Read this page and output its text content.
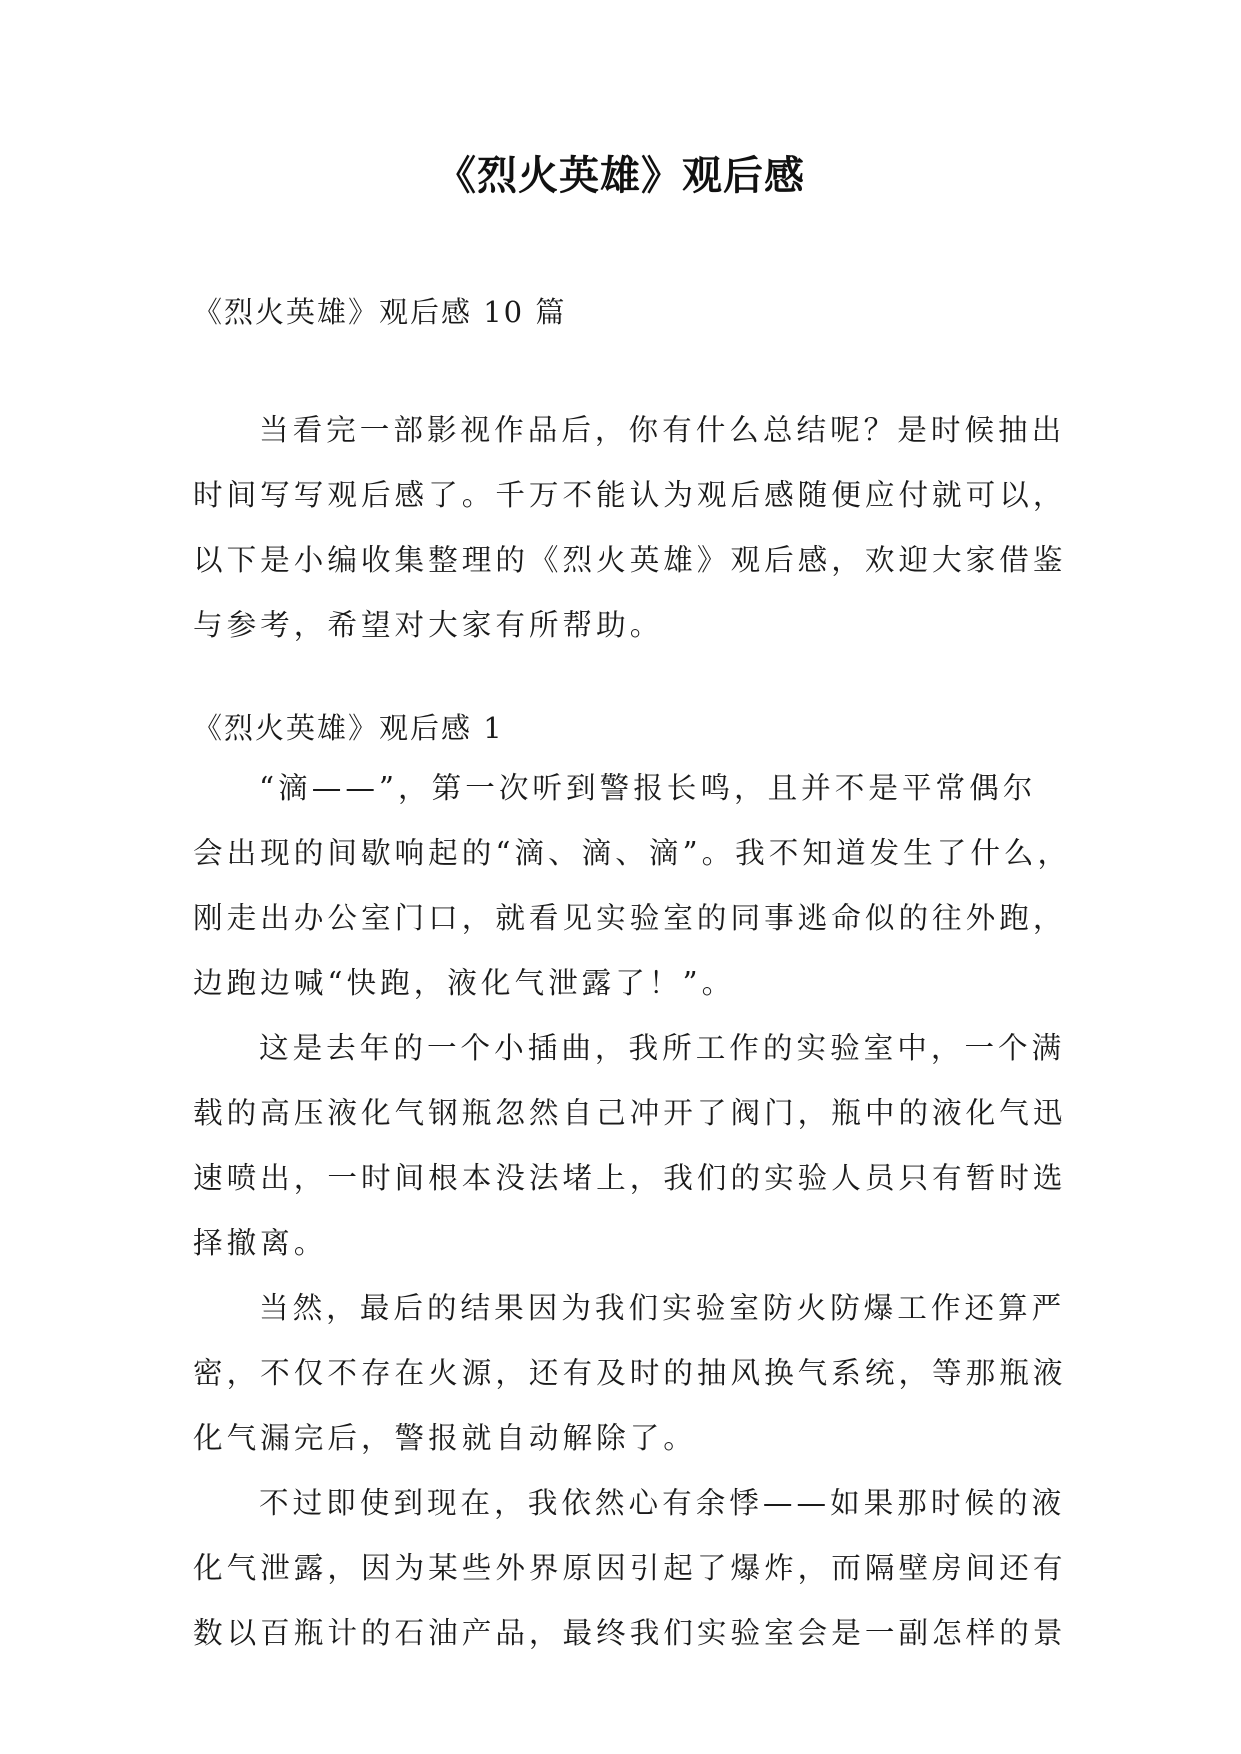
《烈火英雄》观后感
《烈火英雄》观后感 10 篇
当看完一部影视作品后，你有什么总结呢？是时候抽出
时间写写观后感了。千万不能认为观后感随便应付就可以，
以下是小编收集整理的《烈火英雄》观后感，欢迎大家借鉴
与参考，希望对大家有所帮助。
《烈火英雄》观后感 1
“滴——”，第一次听到警报长鸣，且并不是平常偶尔
会出现的间歇响起的“滴、滴、滴”。我不知道发生了什么，
刚走出办公室门口，就看见实验室的同事逃命似的往外跑，
边跑边喊“快跑，液化气泄露了！”。
这是去年的一个小插曲，我所工作的实验室中，一个满
载的高压液化气钢瓶忽然自己冲开了阀门，瓶中的液化气迅
速喷出，一时间根本没法堵上，我们的实验人员只有暂时选
择撤离。
当然，最后的结果因为我们实验室防火防爆工作还算严
密，不仅不存在火源，还有及时的抽风换气系统，等那瓶液
化气漏完后，警报就自动解除了。
不过即使到现在，我依然心有余悸——如果那时候的液
化气泄露，因为某些外界原因引起了爆炸，而隔壁房间还有
数以百瓶计的石油产品，最终我们实验室会是一副怎样的景
